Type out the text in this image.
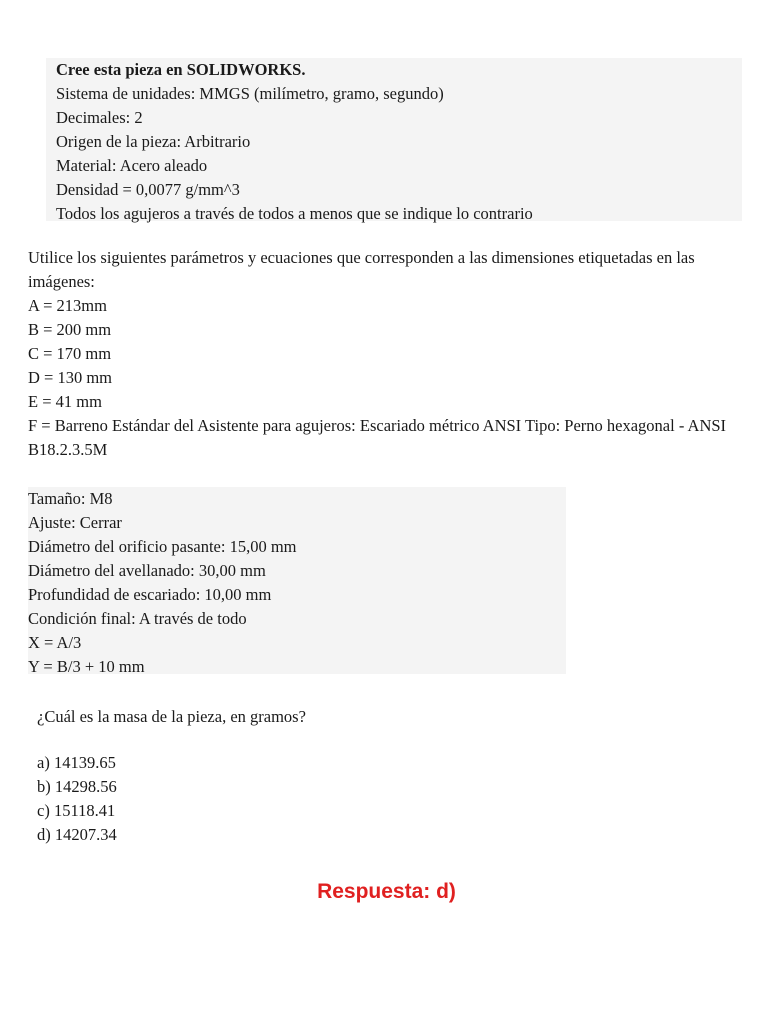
Cree esta pieza en SOLIDWORKS.
Sistema de unidades: MMGS (milímetro, gramo, segundo)
Decimales: 2
Origen de la pieza: Arbitrario
Material: Acero aleado
Densidad = 0,0077 g/mm^3
Todos los agujeros a través de todos a menos que se indique lo contrario
Utilice los siguientes parámetros y ecuaciones que corresponden a las dimensiones etiquetadas en las imágenes:
A = 213mm
B = 200 mm
C = 170 mm
D = 130 mm
E = 41 mm
F = Barreno Estándar del Asistente para agujeros: Escariado métrico ANSI Tipo: Perno hexagonal - ANSI B18.2.3.5M
Tamaño: M8
Ajuste: Cerrar
Diámetro del orificio pasante: 15,00 mm
Diámetro del avellanado: 30,00 mm
Profundidad de escariado: 10,00 mm
Condición final: A través de todo
X = A/3
Y = B/3 + 10 mm
¿Cuál es la masa de la pieza, en gramos?
a) 14139.65
b) 14298.56
c) 15118.41
d) 14207.34
Respuesta: d)
